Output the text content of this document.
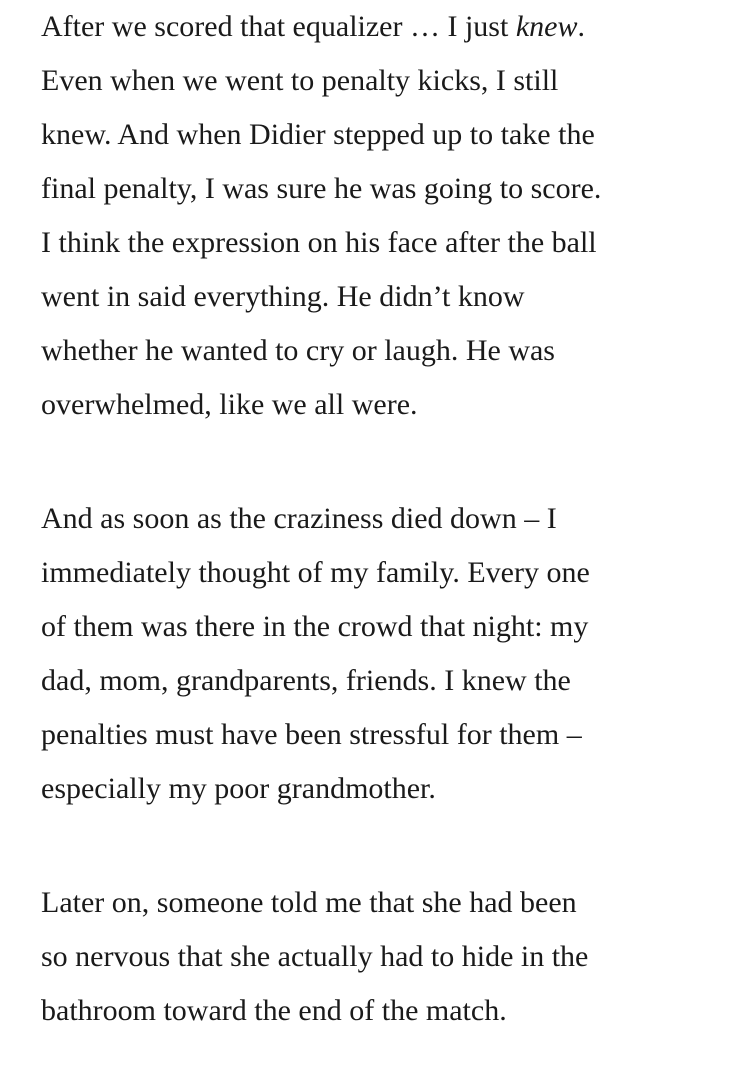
After we scored that equalizer … I just knew.
Even when we went to penalty kicks, I still
knew. And when Didier stepped up to take the
final penalty, I was sure he was going to score.
I think the expression on his face after the ball
went in said everything. He didn’t know
whether he wanted to cry or laugh. He was
overwhelmed, like we all were.

And as soon as the craziness died down – I
immediately thought of my family. Every one
of them was there in the crowd that night: my
dad, mom, grandparents, friends. I knew the
penalties must have been stressful for them –
especially my poor grandmother.

Later on, someone told me that she had been
so nervous that she actually had to hide in the
bathroom toward the end of the match.
